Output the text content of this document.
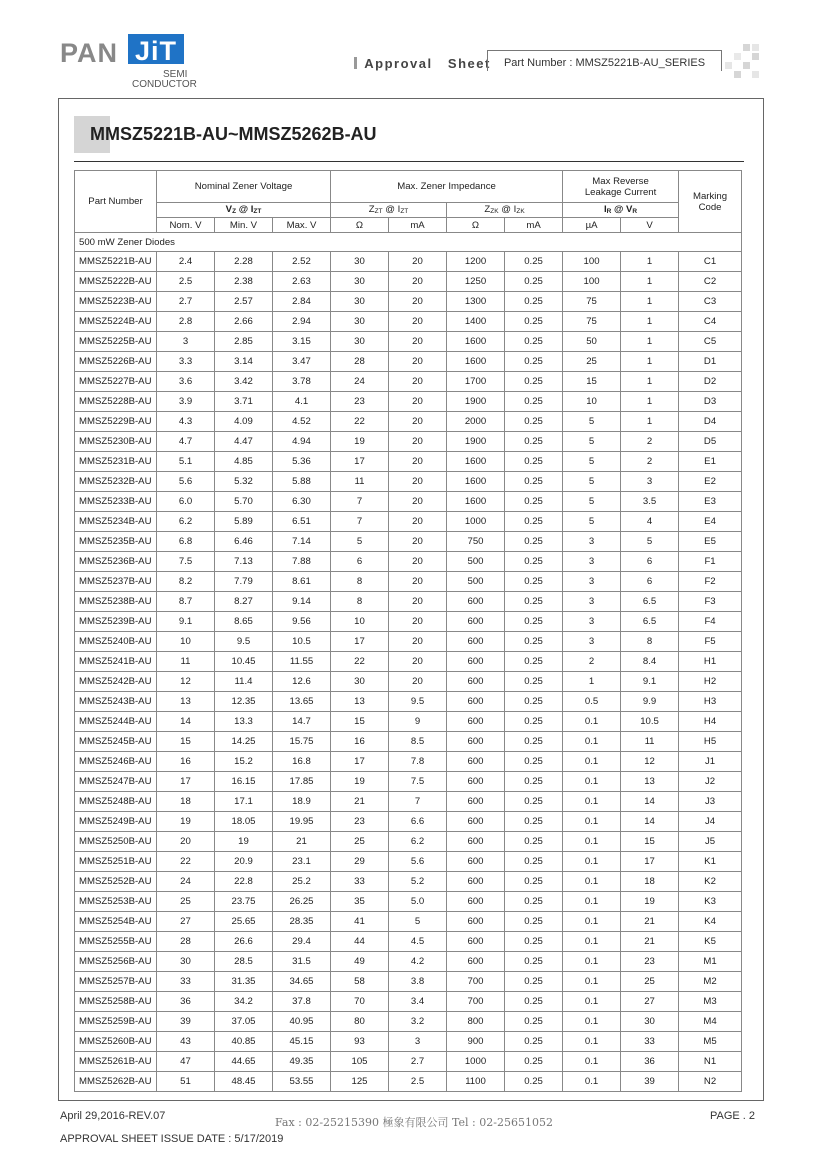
PAN JiT
SEMI
CONDUCTOR
Approval   Sheet	Part Number : MMSZ5221B-AU_SERIES
MMSZ5221B-AU~MMSZ5262B-AU
Part Number	Nominal Zener Voltage			Max. Zener Impedance				Max Reverse
Leakage Current		Marking
Code
	$V_Z$ @ $I_{ZT}$			$Z_{ZT}$ @ $I_{ZT}$		$Z_{ZK}$ @ $I_{ZK}$		$I_R$ @ $V_R$
	Nom. V	Min. V	Max. V	Ω	mA	Ω	mA	µA	V	
500 mW Zener Diodes										
MMSZ5221B-AU	2.4	2.28	2.52	30	20	1200	0.25	100	1	C1
MMSZ5222B-AU	2.5	2.38	2.63	30	20	1250	0.25	100	1	C2
MMSZ5223B-AU	2.7	2.57	2.84	30	20	1300	0.25	75	1	C3
MMSZ5224B-AU	2.8	2.66	2.94	30	20	1400	0.25	75	1	C4
MMSZ5225B-AU	3	2.85	3.15	30	20	1600	0.25	50	1	C5
MMSZ5226B-AU	3.3	3.14	3.47	28	20	1600	0.25	25	1	D1
MMSZ5227B-AU	3.6	3.42	3.78	24	20	1700	0.25	15	1	D2
MMSZ5228B-AU	3.9	3.71	4.1	23	20	1900	0.25	10	1	D3
MMSZ5229B-AU	4.3	4.09	4.52	22	20	2000	0.25	5	1	D4
MMSZ5230B-AU	4.7	4.47	4.94	19	20	1900	0.25	5	2	D5
MMSZ5231B-AU	5.1	4.85	5.36	17	20	1600	0.25	5	2	E1
MMSZ5232B-AU	5.6	5.32	5.88	11	20	1600	0.25	5	3	E2
MMSZ5233B-AU	6.0	5.70	6.30	7	20	1600	0.25	5	3.5	E3
MMSZ5234B-AU	6.2	5.89	6.51	7	20	1000	0.25	5	4	E4
MMSZ5235B-AU	6.8	6.46	7.14	5	20	750	0.25	3	5	E5
MMSZ5236B-AU	7.5	7.13	7.88	6	20	500	0.25	3	6	F1
MMSZ5237B-AU	8.2	7.79	8.61	8	20	500	0.25	3	6	F2
MMSZ5238B-AU	8.7	8.27	9.14	8	20	600	0.25	3	6.5	F3
MMSZ5239B-AU	9.1	8.65	9.56	10	20	600	0.25	3	6.5	F4
MMSZ5240B-AU	10	9.5	10.5	17	20	600	0.25	3	8	F5
MMSZ5241B-AU	11	10.45	11.55	22	20	600	0.25	2	8.4	H1
MMSZ5242B-AU	12	11.4	12.6	30	20	600	0.25	1	9.1	H2
MMSZ5243B-AU	13	12.35	13.65	13	9.5	600	0.25	0.5	9.9	H3
MMSZ5244B-AU	14	13.3	14.7	15	9	600	0.25	0.1	10.5	H4
MMSZ5245B-AU	15	14.25	15.75	16	8.5	600	0.25	0.1	11	H5
MMSZ5246B-AU	16	15.2	16.8	17	7.8	600	0.25	0.1	12	J1
MMSZ5247B-AU	17	16.15	17.85	19	7.5	600	0.25	0.1	13	J2
MMSZ5248B-AU	18	17.1	18.9	21	7	600	0.25	0.1	14	J3
MMSZ5249B-AU	19	18.05	19.95	23	6.6	600	0.25	0.1	14	J4
MMSZ5250B-AU	20	19	21	25	6.2	600	0.25	0.1	15	J5
MMSZ5251B-AU	22	20.9	23.1	29	5.6	600	0.25	0.1	17	K1
MMSZ5252B-AU	24	22.8	25.2	33	5.2	600	0.25	0.1	18	K2
MMSZ5253B-AU	25	23.75	26.25	35	5.0	600	0.25	0.1	19	K3
MMSZ5254B-AU	27	25.65	28.35	41	5	600	0.25	0.1	21	K4
MMSZ5255B-AU	28	26.6	29.4	44	4.5	600	0.25	0.1	21	K5
MMSZ5256B-AU	30	28.5	31.5	49	4.2	600	0.25	0.1	23	M1
MMSZ5257B-AU	33	31.35	34.65	58	3.8	700	0.25	0.1	25	M2
MMSZ5258B-AU	36	34.2	37.8	70	3.4	700	0.25	0.1	27	M3
MMSZ5259B-AU	39	37.05	40.95	80	3.2	800	0.25	0.1	30	M4
MMSZ5260B-AU	43	40.85	45.15	93	3	900	0.25	0.1	33	M5
MMSZ5261B-AU	47	44.65	49.35	105	2.7	1000	0.25	0.1	36	N1
MMSZ5262B-AU	51	48.45	53.55	125	2.5	1100	0.25	0.1	39	N2
April 29,2016-REV.07	Fax : 02-25215390 極象有限公司 Tel : 02-25651052	PAGE . 2
APPROVAL SHEET ISSUE DATE : 5/17/2019
